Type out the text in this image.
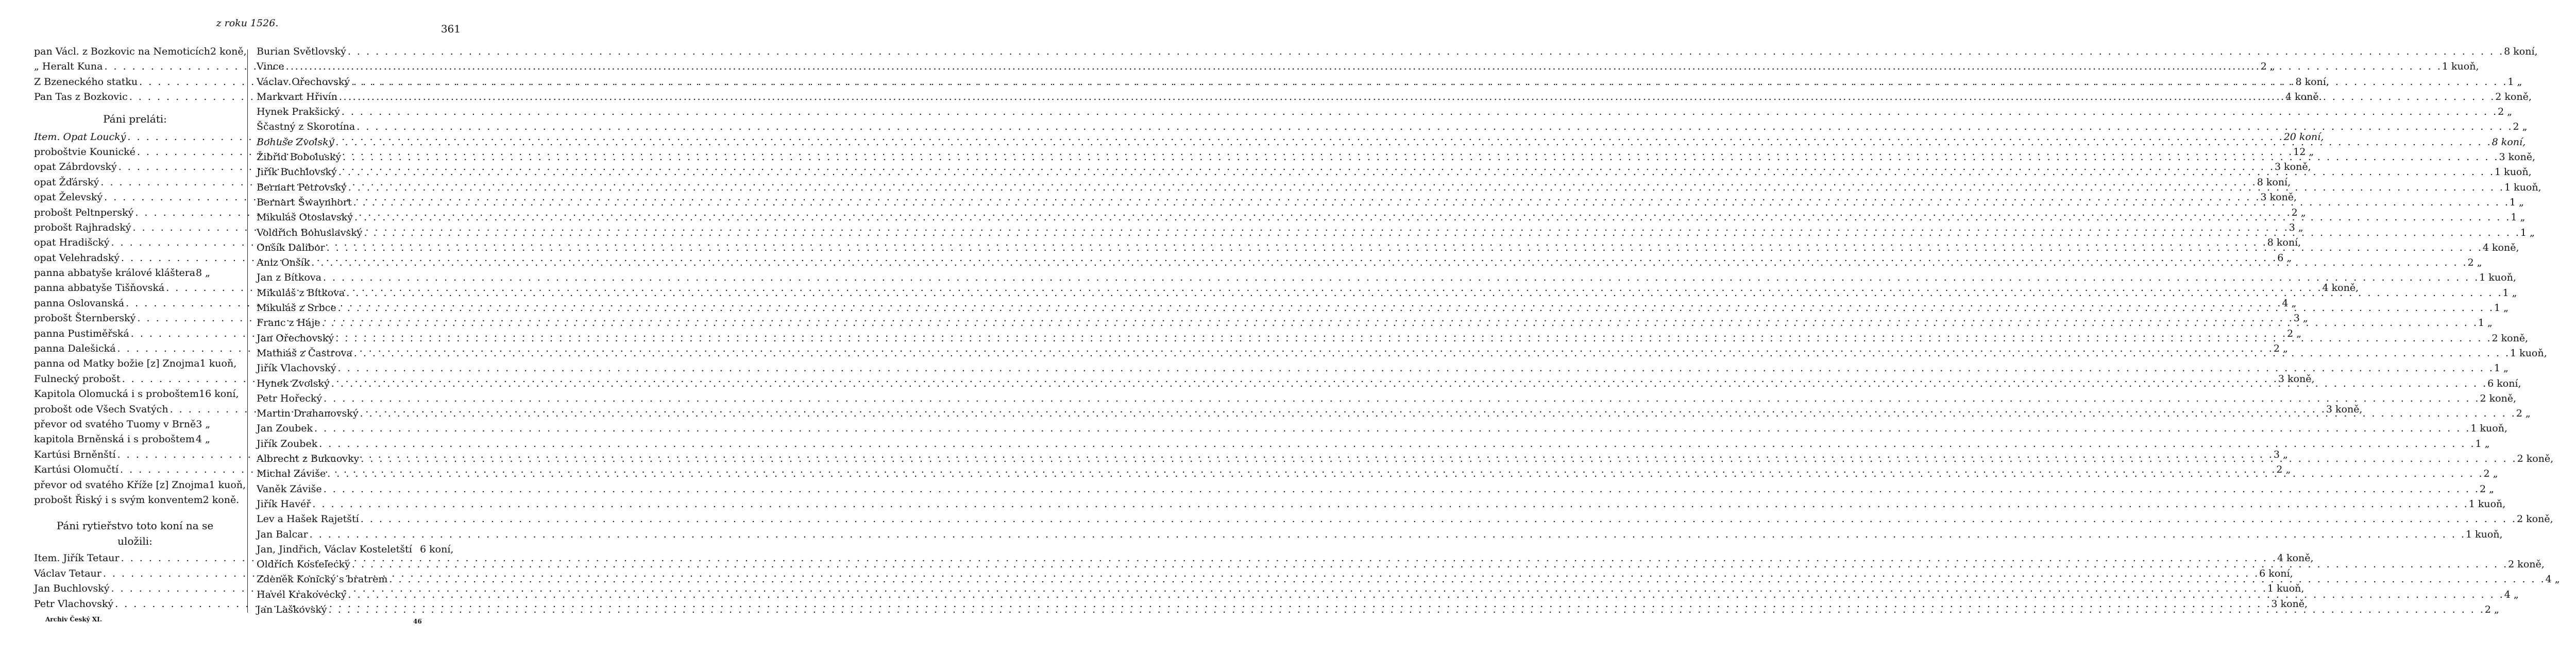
z roku 1526.	361
pan Václ. z Bozkovic na Nemoticích 2 koně,
„ Heralt Kuna . . .	2 „
Z Bzeneckého statku . . .	8 koní,
Pan Tas z Bozkovic . . .	4 koně.
Páni preláti:
Item. Opat Loucký . . .	20 koní,
proboštvie Kounické . . .	12 „
opat Zábrdovský . . .	3 koně,
opat Žďárský . . .	8 koní,
opat Želevský . . .	3 koně,
probošt Peltnperský . . .	2 „
probošt Rajhradský . . .	3 „
opat Hradišcký . . .	8 koní,
opat Velehradský . . .	6 „
panna abbatyše králové kláštera 8 „
panna abbatyše Tišňovská . . .	4 koně,
panna Oslovanská . . .	4 „
probošt Šternberský . . .	3 „
panna Pustiměřská . . .	2 „
panna Dalešická . . .	2 „
panna od Matky božie [z] Znojma 1 kuoň,
Fulnecký probošt . . .	3 koně,
Kapitola Olomucká i s proboštem 16 koní,
probošt ode Všech Svatých . . .	3 koně,
převor od svatého Tuomy v Brně 3 „
kapitola Brněnská i s proboštem 4 „
Kartúsi Brněnští . . .	3 „
Kartúsi Olomučtí . . .	2 „
převor od svatého Kříže [z] Znojma 1 kuoň,
probošt Řiský i s svým konventem 2 koně.
Páni rytieřstvo toto koní na se
uložili:
Item. Jiřík Tetaur . . .	4 koně,
Václav Tetaur . . .	6 koní,
Jan Buchlovský . . .	1 kuoň,
Petr Vlachovský . . .	3 koně,
Burian Světlovský . . .	8 koní,
Vince . . .	1 kuoň,
Václav Ořechovský . . .	1 „
Markvart Hřivín . . .	2 koně,
Hynek Prakšický . . .	2 „
Ščastný z Skorotína . . .	2 „
Bohuše Zvolský . . .	8 koní,
Žibřid Boboluský . . .	3 koně,
Jiřík Buchlovský . . .	1 kuoň,
Bernart Petrovský . . .	1 kuoň,
Bernart Šwaynhort . . .	1 „
Mikuláš Otoslavský . . .	1 „
Voldřich Bohuslavský . . .	1 „
Onšík Dalibor . . .	4 koně,
Aniz Onšík . . .	2 „
Jan z Bítkova . . .	1 kuoň,
Mikuláš z Bítkova . . .	1 „
Mikuláš z Srbce . . .	1 „
Franc z Háje . . .	1 „
Jan Ořechovský . . .	2 koně,
Mathiáš z Častrova . . .	1 kuoň,
Jiřík Vlachovský . . .	1 „
Hynek Zvolský . . .	6 koní,
Petr Hořecký . . .	2 koně,
Martin Drahanovský . . .	2 „
Jan Zoubek . . .	1 kuoň,
Jiřík Zoubek . . .	1 „
Albrecht z Bukuovky . . .	2 koně,
Michal Záviše . . .	2 „
Vaněk Záviše . . .	2 „
Jiřík Havéř . . .	1 kuoň,
Lev a Hašek Rajetští . . .	2 koně,
Jan Balcar . . .	1 kuoň,
Jan, Jindřich, Václav Kosteletští 6 koní,
Oldřich Kostelecký . . .	2 koně,
Zdeněk Konický s bratrem . . .	4 „
Havel Krakovecký . . .	4 „
Jan Laškovský . . .	2 „
Archiv Český XI.	46
